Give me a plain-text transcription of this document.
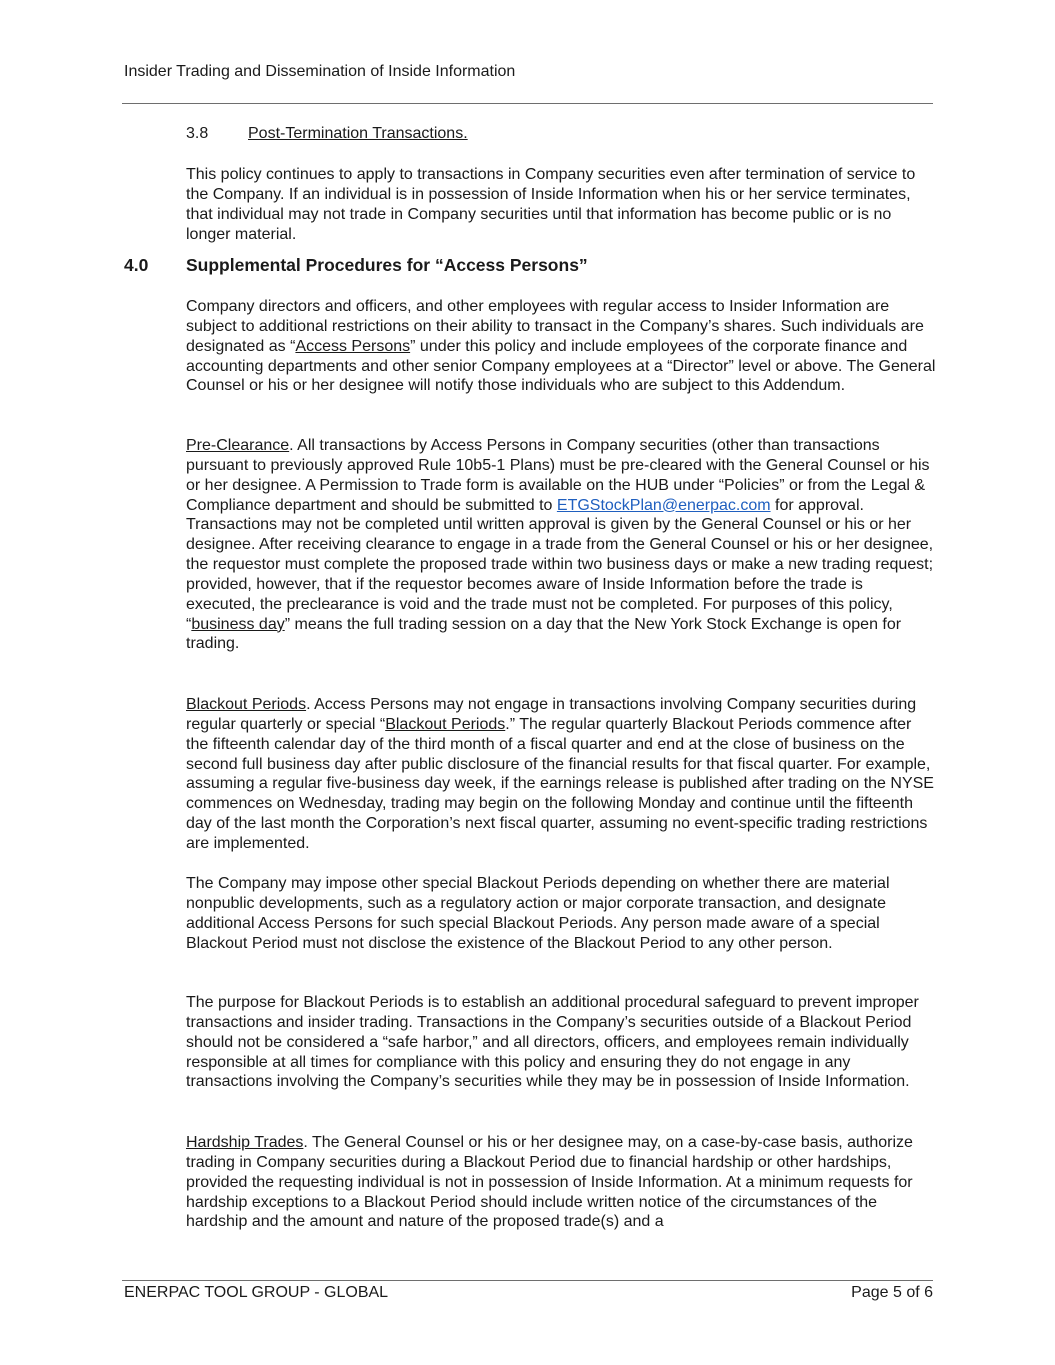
Insider Trading and Dissemination of Inside Information
3.8 Post-Termination Transactions.

This policy continues to apply to transactions in Company securities even after termination of service to the Company. If an individual is in possession of Inside Information when his or her service terminates, that individual may not trade in Company securities until that information has become public or is no longer material.

4.0 Supplemental Procedures for “Access Persons”

Company directors and officers, and other employees with regular access to Insider Information are subject to additional restrictions on their ability to transact in the Company’s shares. Such individuals are designated as “Access Persons” under this policy and include employees of the corporate finance and accounting departments and other senior Company employees at a “Director” level or above. The General Counsel or his or her designee will notify those individuals who are subject to this Addendum.

Pre-Clearance. All transactions by Access Persons in Company securities (other than transactions pursuant to previously approved Rule 10b5-1 Plans) must be pre-cleared with the General Counsel or his or her designee. A Permission to Trade form is available on the HUB under “Policies” or from the Legal & Compliance department and should be submitted to ETGStockPlan@enerpac.com for approval. Transactions may not be completed until written approval is given by the General Counsel or his or her designee. After receiving clearance to engage in a trade from the General Counsel or his or her designee, the requestor must complete the proposed trade within two business days or make a new trading request; provided, however, that if the requestor becomes aware of Inside Information before the trade is executed, the preclearance is void and the trade must not be completed. For purposes of this policy, “business day” means the full trading session on a day that the New York Stock Exchange is open for trading.

Blackout Periods. Access Persons may not engage in transactions involving Company securities during regular quarterly or special “Blackout Periods.” The regular quarterly Blackout Periods commence after the fifteenth calendar day of the third month of a fiscal quarter and end at the close of business on the second full business day after public disclosure of the financial results for that fiscal quarter. For example, assuming a regular five-business day week, if the earnings release is published after trading on the NYSE commences on Wednesday, trading may begin on the following Monday and continue until the fifteenth day of the last month the Corporation’s next fiscal quarter, assuming no event-specific trading restrictions are implemented.

The Company may impose other special Blackout Periods depending on whether there are material nonpublic developments, such as a regulatory action or major corporate transaction, and designate additional Access Persons for such special Blackout Periods. Any person made aware of a special Blackout Period must not disclose the existence of the Blackout Period to any other person.

The purpose for Blackout Periods is to establish an additional procedural safeguard to prevent improper transactions and insider trading. Transactions in the Company’s securities outside of a Blackout Period should not be considered a “safe harbor,” and all directors, officers, and employees remain individually responsible at all times for compliance with this policy and ensuring they do not engage in any transactions involving the Company’s securities while they may be in possession of Inside Information.

Hardship Trades. The General Counsel or his or her designee may, on a case-by-case basis, authorize trading in Company securities during a Blackout Period due to financial hardship or other hardships, provided the requesting individual is not in possession of Inside Information. At a minimum requests for hardship exceptions to a Blackout Period should include written notice of the circumstances of the hardship and the amount and nature of the proposed trade(s) and a

ENERPAC TOOL GROUP - GLOBAL	Page 5 of 6
